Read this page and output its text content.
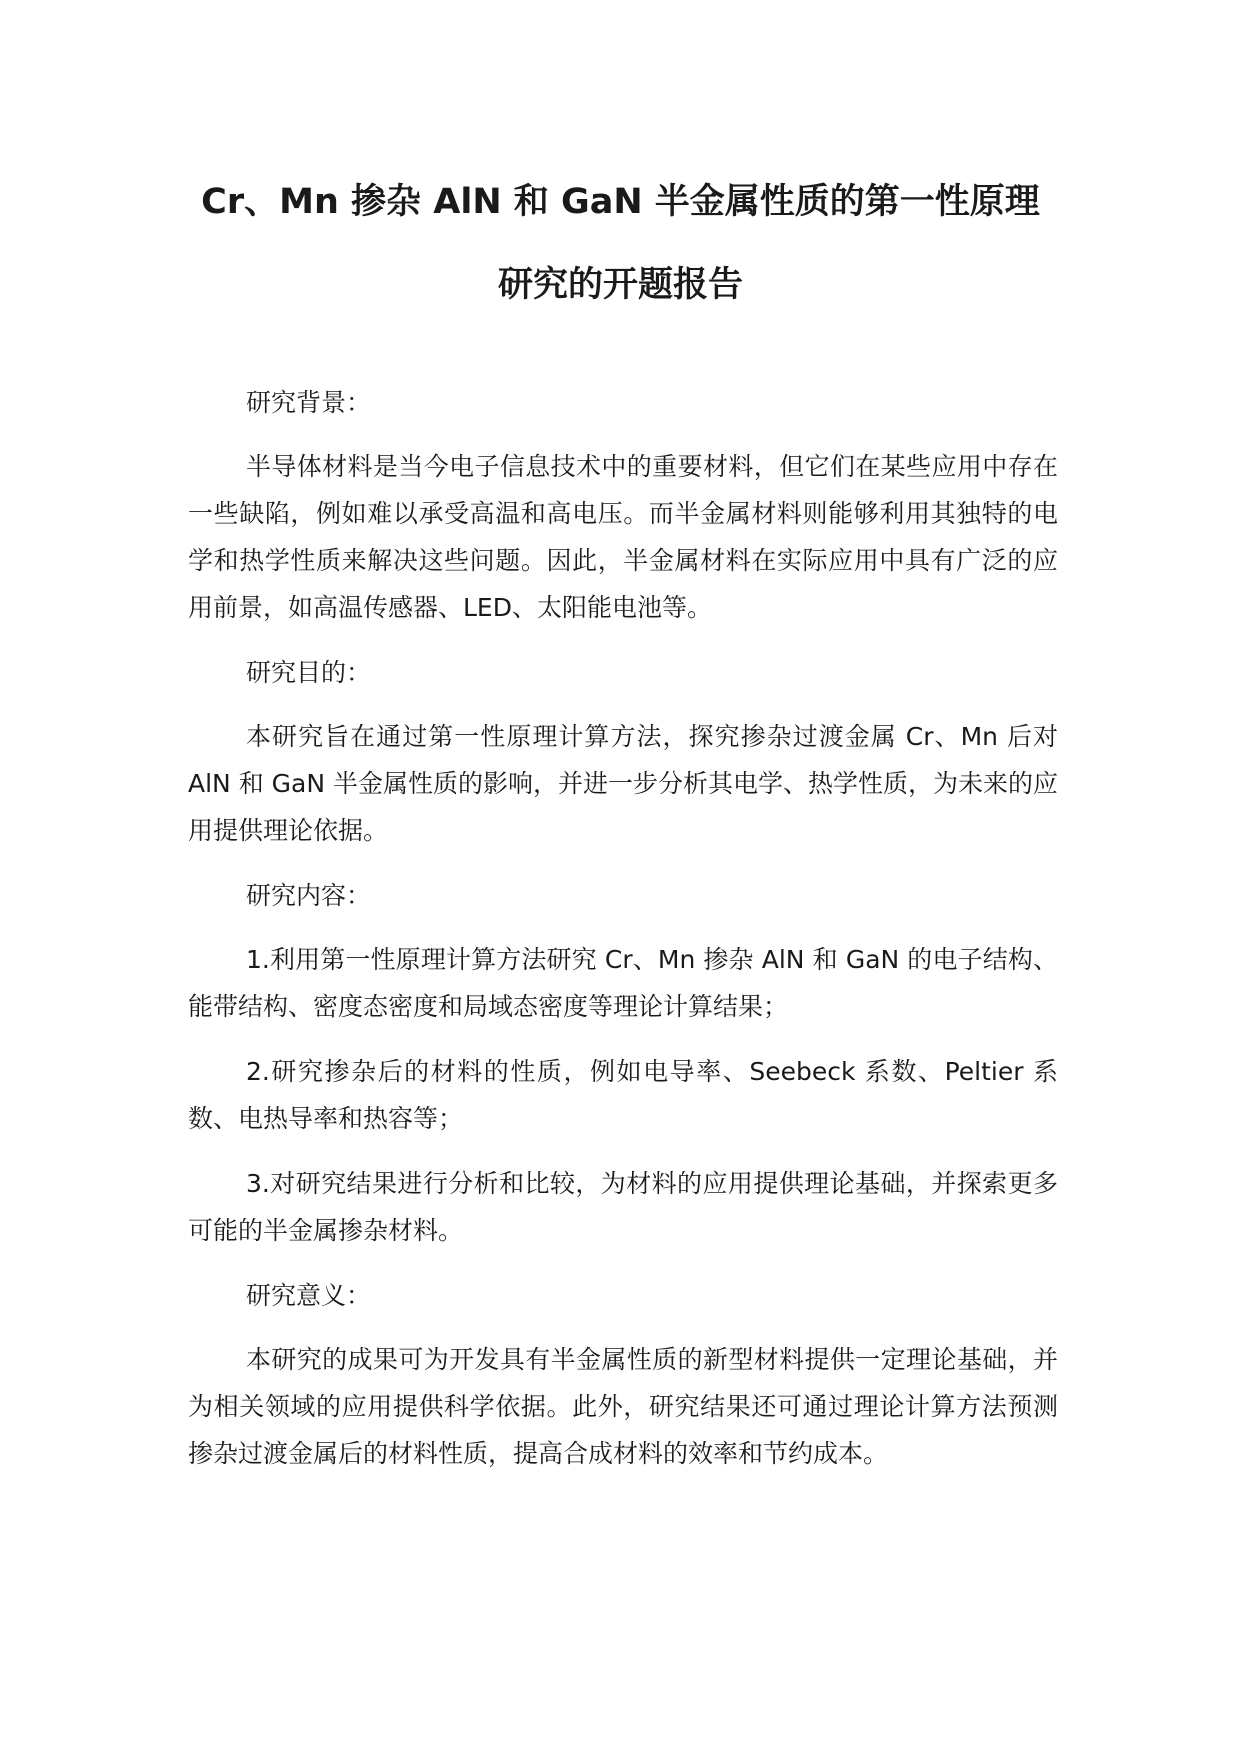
Cr、Mn 掺杂 AlN 和 GaN 半金属性质的第一性原理
研究的开题报告

研究背景：

半导体材料是当今电子信息技术中的重要材料，但它们在某些应用中存在一些缺陷，例如难以承受高温和高电压。而半金属材料则能够利用其独特的电学和热学性质来解决这些问题。因此，半金属材料在实际应用中具有广泛的应用前景，如高温传感器、LED、太阳能电池等。

研究目的：

本研究旨在通过第一性原理计算方法，探究掺杂过渡金属 Cr、Mn 后对 AlN 和 GaN 半金属性质的影响，并进一步分析其电学、热学性质，为未来的应用提供理论依据。

研究内容：

1.利用第一性原理计算方法研究 Cr、Mn 掺杂 AlN 和 GaN 的电子结构、能带结构、密度态密度和局域态密度等理论计算结果；

2.研究掺杂后的材料的性质，例如电导率、Seebeck 系数、Peltier 系数、电热导率和热容等；

3.对研究结果进行分析和比较，为材料的应用提供理论基础，并探索更多可能的半金属掺杂材料。

研究意义：

本研究的成果可为开发具有半金属性质的新型材料提供一定理论基础，并为相关领域的应用提供科学依据。此外，研究结果还可通过理论计算方法预测掺杂过渡金属后的材料性质，提高合成材料的效率和节约成本。
